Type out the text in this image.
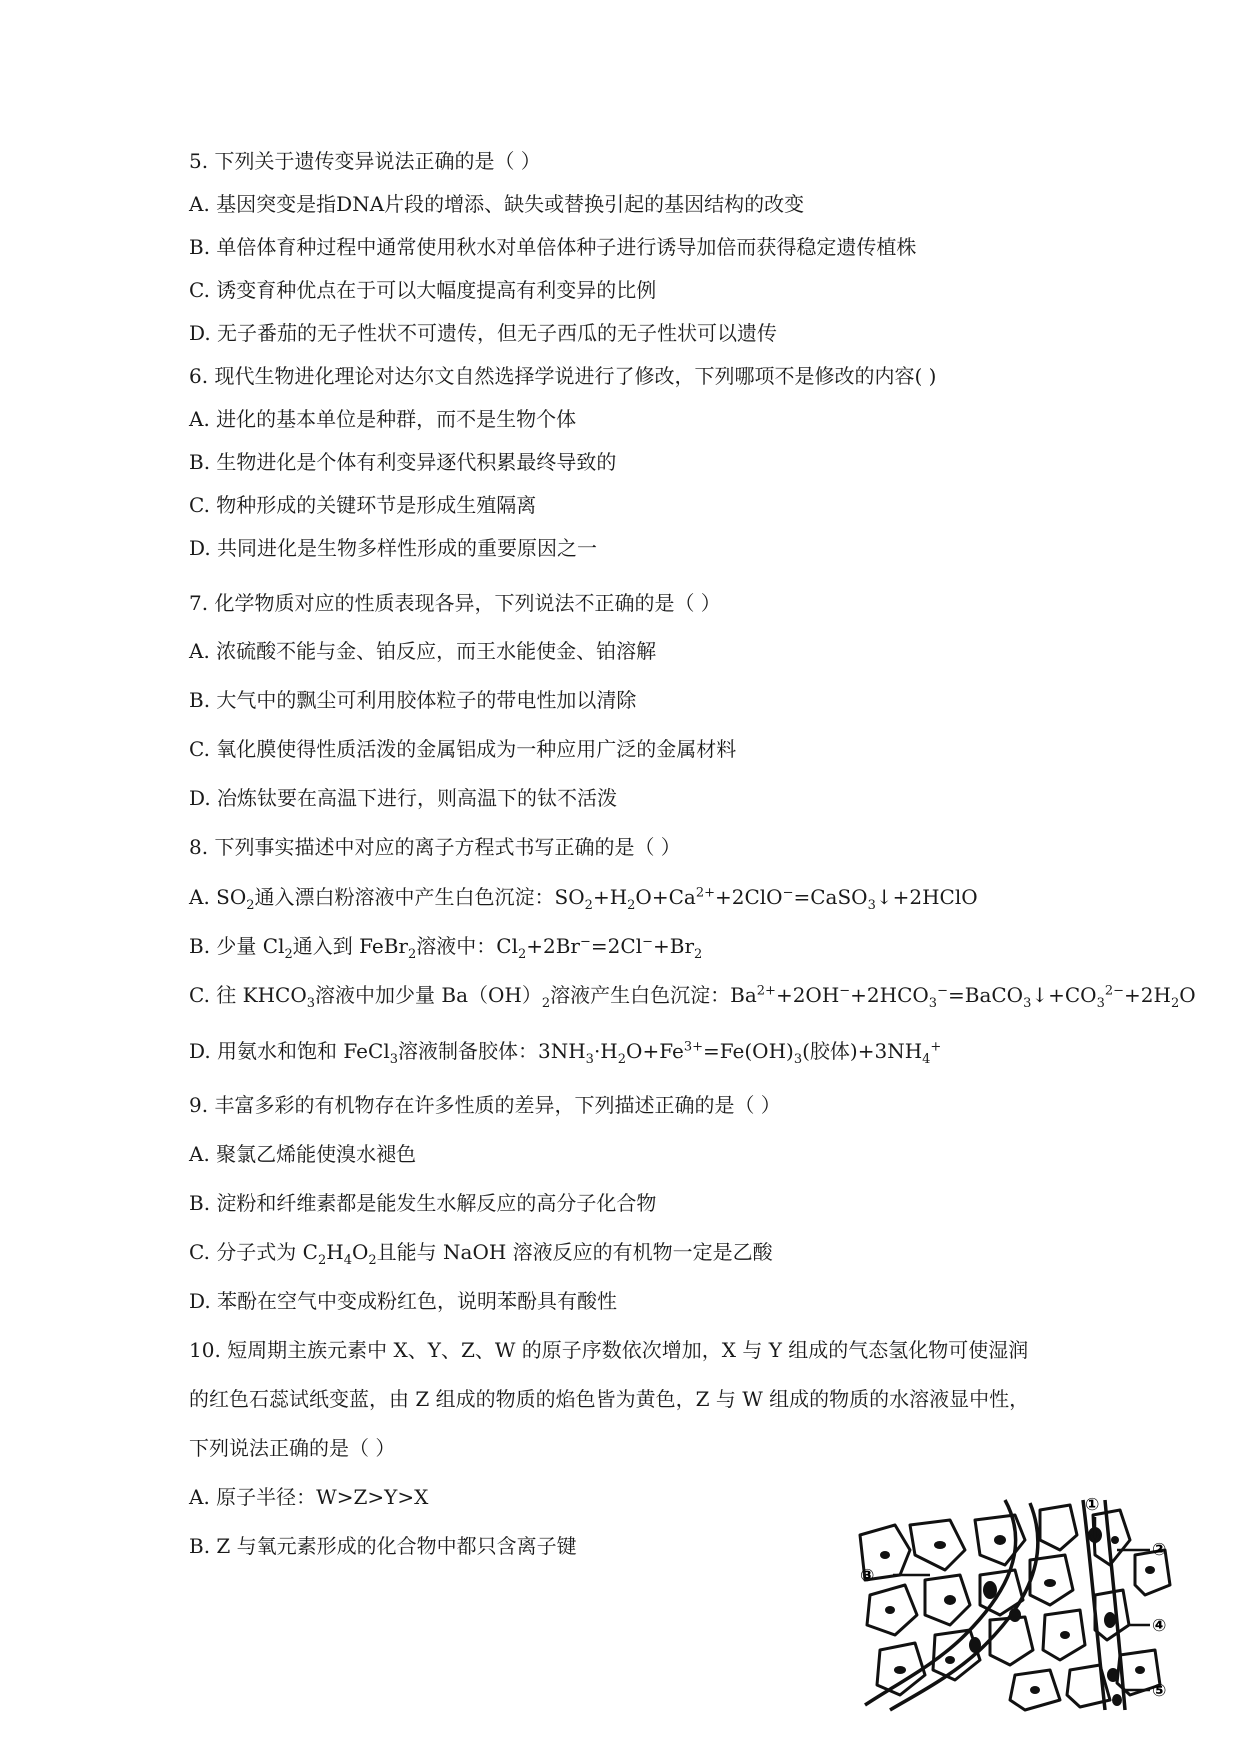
5. 下列关于遗传变异说法正确的是（ ）
A. 基因突变是指DNA片段的增添、缺失或替换引起的基因结构的改变
B. 单倍体育种过程中通常使用秋水对单倍体种子进行诱导加倍而获得稳定遗传植株
C. 诱变育种优点在于可以大幅度提高有利变异的比例
D. 无子番茄的无子性状不可遗传，但无子西瓜的无子性状可以遗传
6. 现代生物进化理论对达尔文自然选择学说进行了修改，下列哪项不是修改的内容( )
A. 进化的基本单位是种群，而不是生物个体
B. 生物进化是个体有利变异逐代积累最终导致的
C. 物种形成的关键环节是形成生殖隔离
D. 共同进化是生物多样性形成的重要原因之一
7. 化学物质对应的性质表现各异，下列说法不正确的是（ ）
A. 浓硫酸不能与金、铂反应，而王水能使金、铂溶解
B. 大气中的飘尘可利用胶体粒子的带电性加以清除
C. 氧化膜使得性质活泼的金属铝成为一种应用广泛的金属材料
D. 冶炼钛要在高温下进行，则高温下的钛不活泼
8. 下列事实描述中对应的离子方程式书写正确的是（ ）
A. $SO_2$通入漂白粉溶液中产生白色沉淀：$SO_2+H_2O+Ca^{2+}+2ClO^-=CaSO_3↓+2HClO$
B. 少量 $Cl_2$通入到 FeBr$_2$溶液中：$Cl_2+2Br^-=2Cl^-+Br_2$
C. 往 $KHCO_3$溶液中加少量 $Ba(OH)_2$溶液产生白色沉淀：$Ba^{2+}+2OH^-+2HCO_3^-=BaCO_3↓+CO_3^{2-}+2H_2O$
D. 用氨水和饱和 FeCl$_3$溶液制备胶体：$3NH_3\cdot H_2O+Fe^{3+}=Fe(OH)_3$(胶体)$+3NH_4^+$
9. 丰富多彩的有机物存在许多性质的差异，下列描述正确的是（ ）
A. 聚氯乙烯能使溴水褪色
B. 淀粉和纤维素都是能发生水解反应的高分子化合物
C. 分子式为 $C_2H_4O_2$且能与 NaOH 溶液反应的有机物一定是乙酸
D. 苯酚在空气中变成粉红色，说明苯酚具有酸性
10. 短周期主族元素中 X、Y、Z、W 的原子序数依次增加，X 与 Y 组成的气态氢化物可使湿润
的红色石蕊试纸变蓝，由 Z 组成的物质的焰色皆为黄色，Z 与 W 组成的物质的水溶液显中性，
下列说法正确的是（ ）
A. 原子半径：W>Z>Y>X
B. Z 与氧元素形成的化合物中都只含离子键
①
②
③
④
⑤
